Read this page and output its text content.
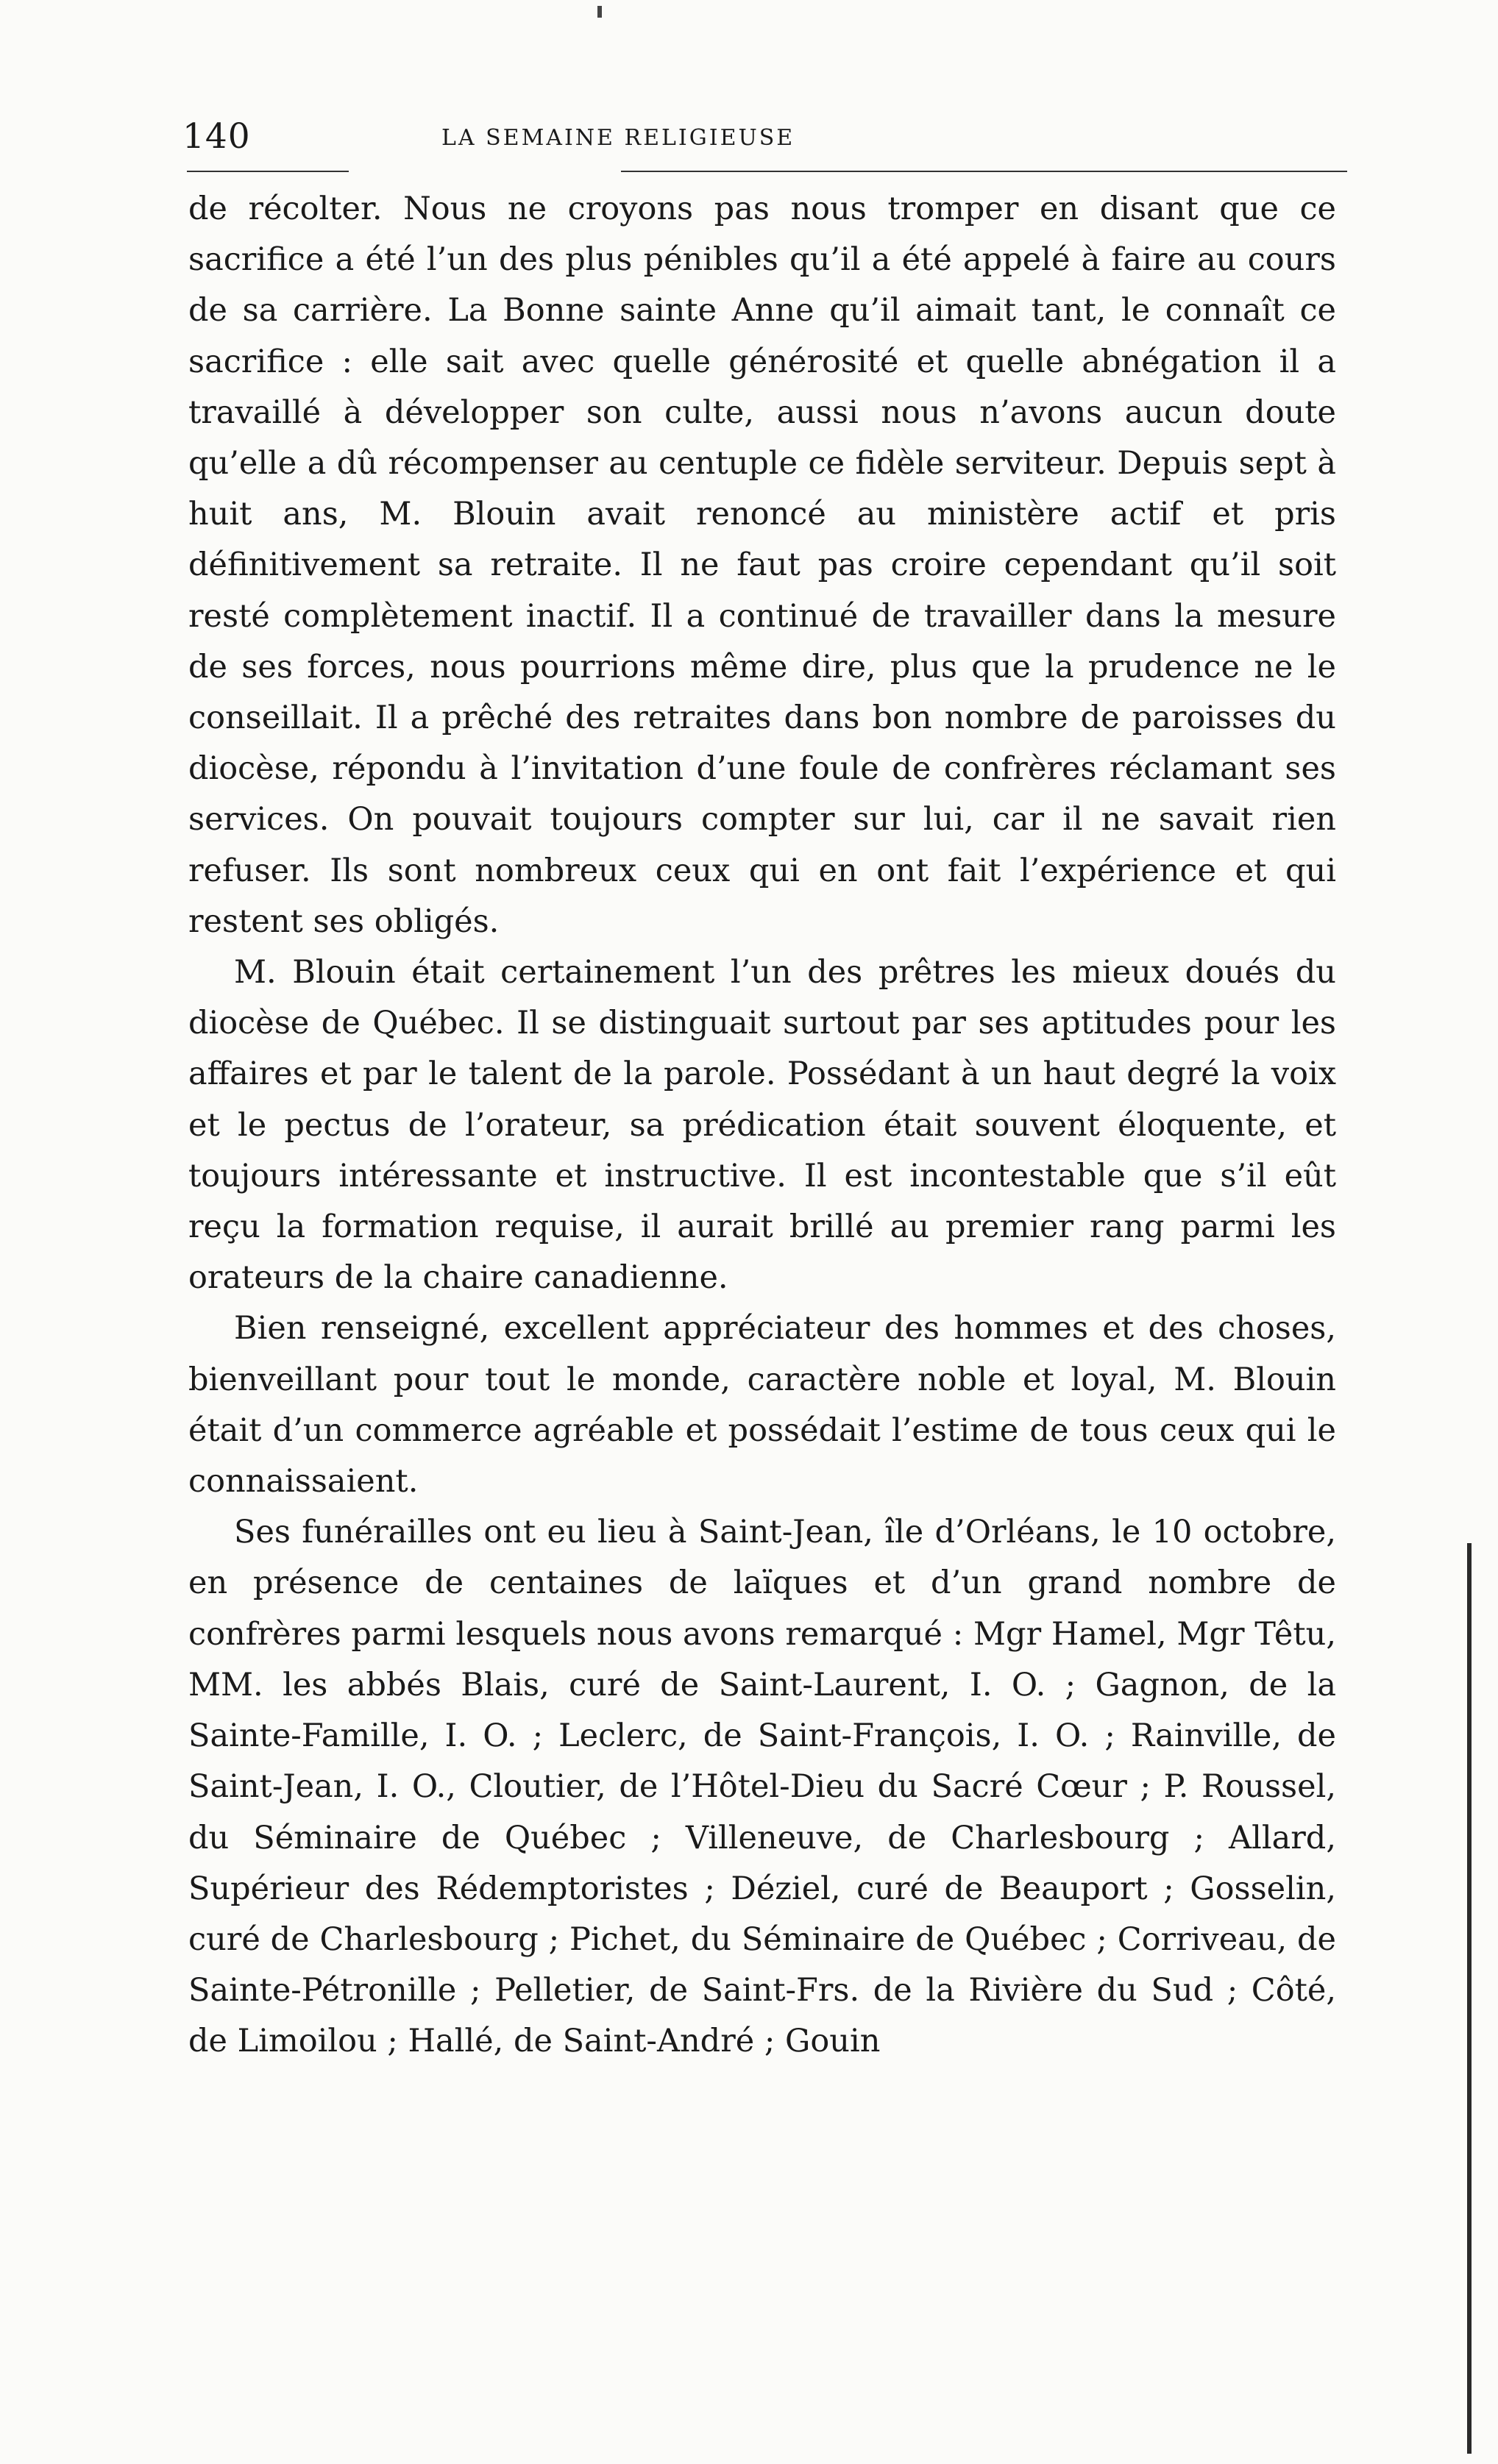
140	LA SEMAINE RELIGIEUSE

de récolter. Nous ne croyons pas nous tromper en disant que ce sacrifice a été l’un des plus pénibles qu’il a été appelé à faire au cours de sa carrière. La Bonne sainte Anne qu’il aimait tant, le connaît ce sacrifice : elle sait avec quelle générosité et quelle abnégation il a travaillé à développer son culte, aussi nous n’avons aucun doute qu’elle a dû récompenser au centuple ce fidèle serviteur. Depuis sept à huit ans, M. Blouin avait renoncé au ministère actif et pris définitivement sa retraite. Il ne faut pas croire cependant qu’il soit resté complètement inactif. Il a continué de travailler dans la mesure de ses forces, nous pourrions même dire, plus que la prudence ne le conseillait. Il a prêché des retraites dans bon nombre de paroisses du diocèse, répondu à l’invitation d’une foule de confrères réclamant ses services. On pouvait toujours compter sur lui, car il ne savait rien refuser. Ils sont nombreux ceux qui en ont fait l’expérience et qui restent ses obligés.

M. Blouin était certainement l’un des prêtres les mieux doués du diocèse de Québec. Il se distinguait surtout par ses aptitudes pour les affaires et par le talent de la parole. Possédant à un haut degré la voix et le pectus de l’orateur, sa prédication était souvent éloquente, et toujours intéressante et instructive. Il est incontestable que s’il eût reçu la formation requise, il aurait brillé au premier rang parmi les orateurs de la chaire canadienne.

Bien renseigné, excellent appréciateur des hommes et des choses, bienveillant pour tout le monde, caractère noble et loyal, M. Blouin était d’un commerce agréable et possédait l’estime de tous ceux qui le connaissaient.

Ses funérailles ont eu lieu à Saint-Jean, île d’Orléans, le 10 octobre, en présence de centaines de laïques et d’un grand nombre de confrères parmi lesquels nous avons remarqué : Mgr Hamel, Mgr Têtu, MM. les abbés Blais, curé de Saint-Laurent, I. O. ; Gagnon, de la Sainte-Famille, I. O. ; Leclerc, de Saint-François, I. O. ; Rainville, de Saint-Jean, I. O., Cloutier, de l’Hôtel-Dieu du Sacré Cœur ; P. Roussel, du Séminaire de Québec ; Villeneuve, de Charlesbourg ; Allard, Supérieur des Rédemptoristes ; Déziel, curé de Beauport ; Gosselin, curé de Charlesbourg ; Pichet, du Séminaire de Québec ; Corriveau, de Sainte-Pétronille ; Pelletier, de Saint-Frs. de la Rivière du Sud ; Côté, de Limoilou ; Hallé, de Saint-André ; Gouin
